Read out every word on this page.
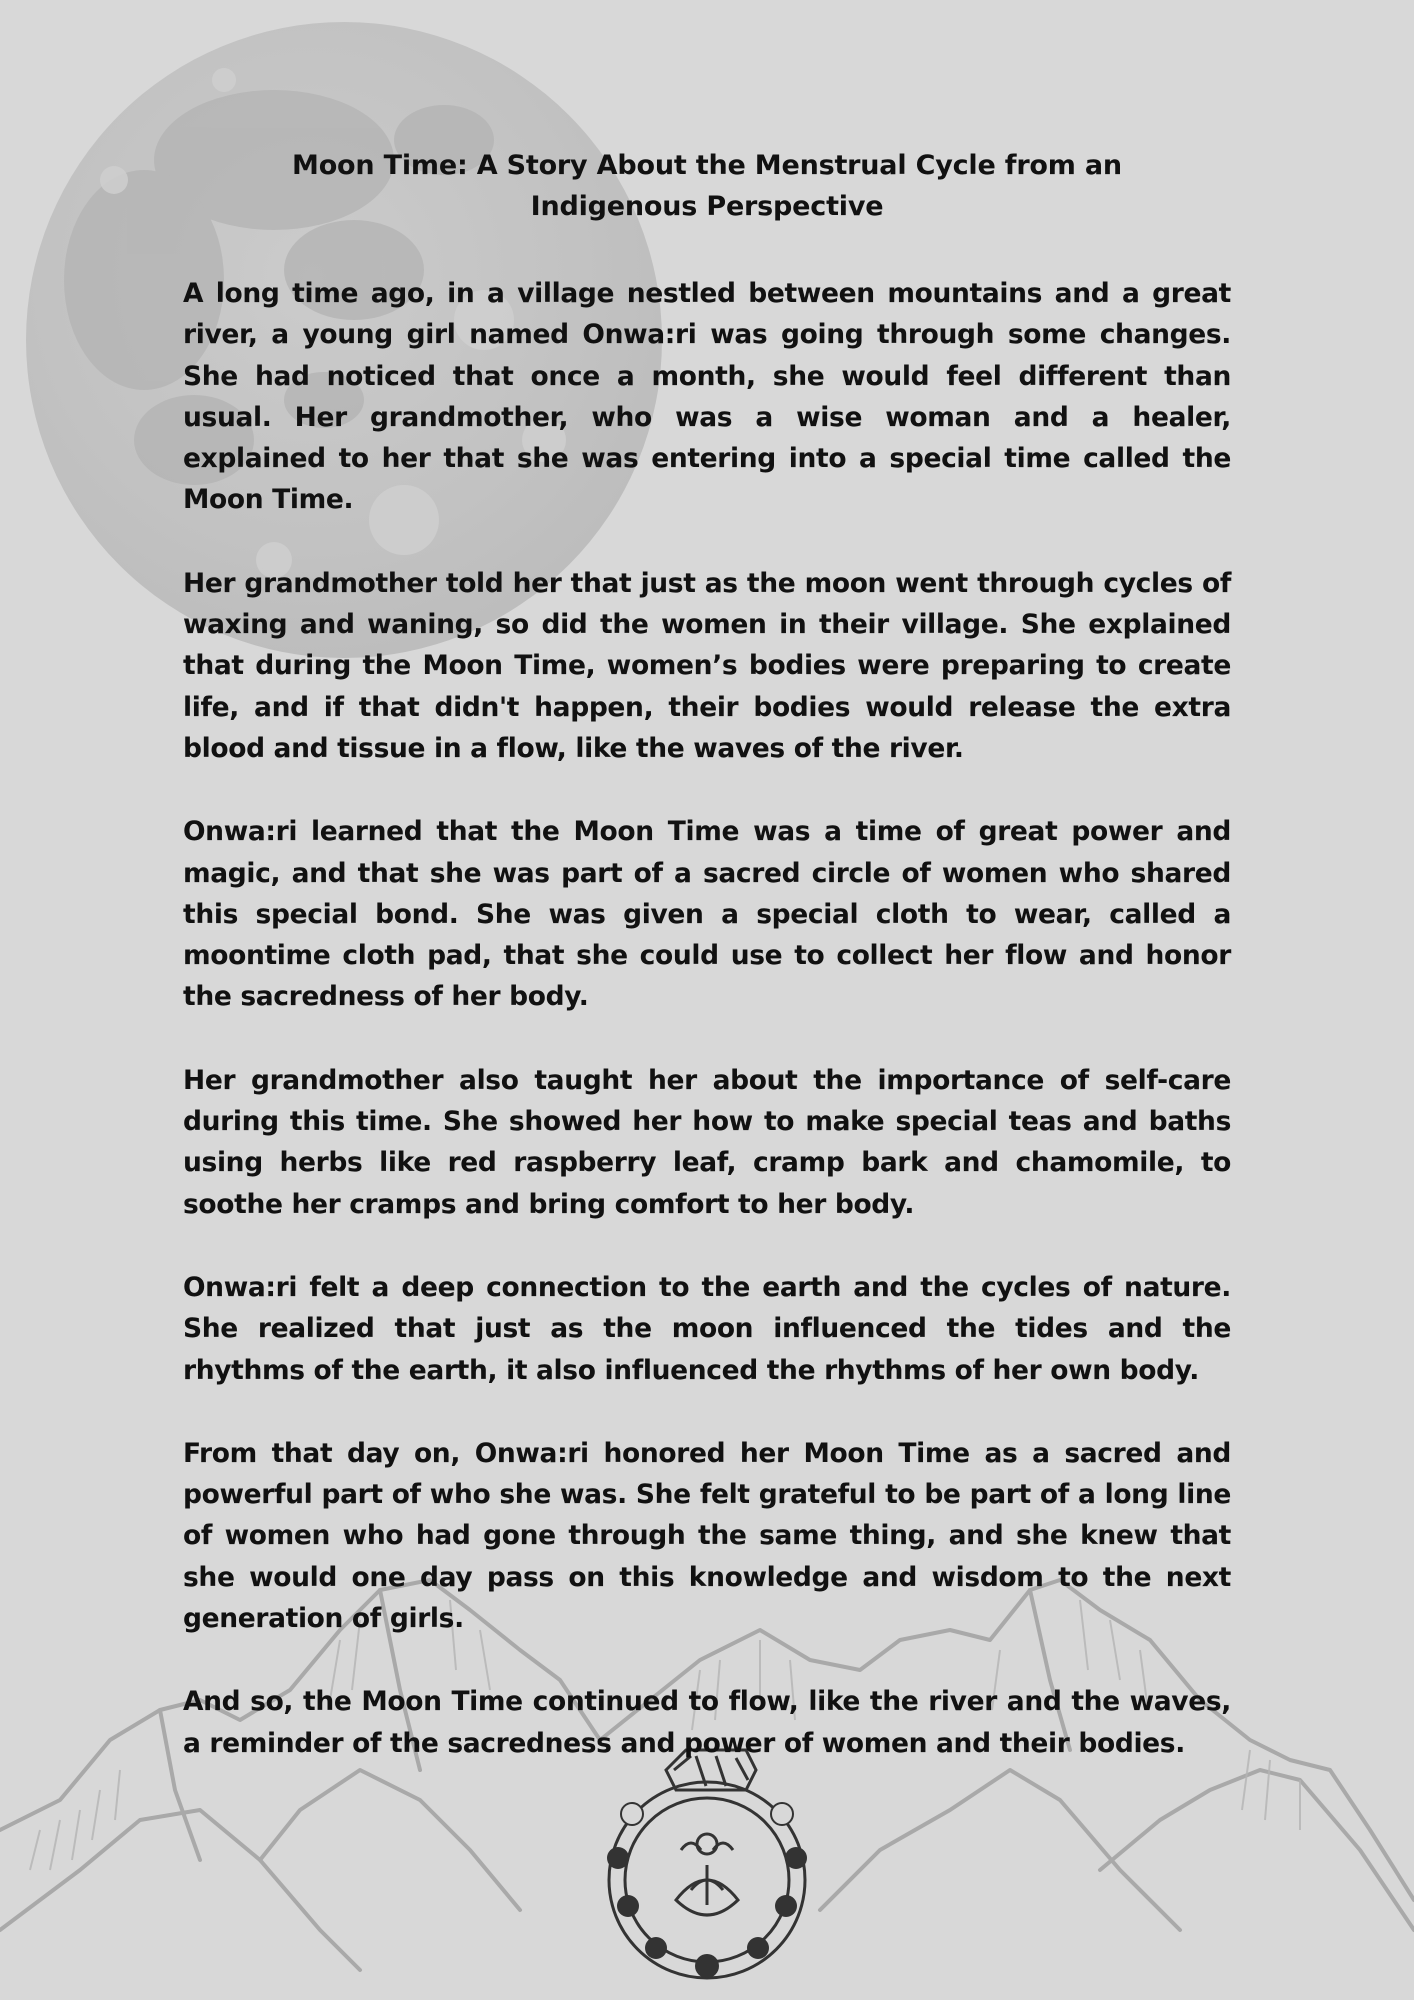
Moon Time: A Story About the Menstrual Cycle from an Indigenous Perspective

A long time ago, in a village nestled between mountains and a great river, a young girl named Onwa:ri was going through some changes. She had noticed that once a month, she would feel different than usual. Her grandmother, who was a wise woman and a healer, explained to her that she was entering into a special time called the Moon Time.

Her grandmother told her that just as the moon went through cycles of waxing and waning, so did the women in their village. She explained that during the Moon Time, women’s bodies were preparing to create life, and if that didn't happen, their bodies would release the extra blood and tissue in a flow, like the waves of the river.

Onwa:ri learned that the Moon Time was a time of great power and magic, and that she was part of a sacred circle of women who shared this special bond. She was given a special cloth to wear, called a moontime cloth pad, that she could use to collect her flow and honor the sacredness of her body.

Her grandmother also taught her about the importance of self-care during this time. She showed her how to make special teas and baths using herbs like red raspberry leaf, cramp bark and chamomile, to soothe her cramps and bring comfort to her body.

Onwa:ri felt a deep connection to the earth and the cycles of nature. She realized that just as the moon influenced the tides and the rhythms of the earth, it also influenced the rhythms of her own body.

From that day on, Onwa:ri honored her Moon Time as a sacred and powerful part of who she was. She felt grateful to be part of a long line of women who had gone through the same thing, and she knew that she would one day pass on this knowledge and wisdom to the next generation of girls.

And so, the Moon Time continued to flow, like the river and the waves, a reminder of the sacredness and power of women and their bodies.
